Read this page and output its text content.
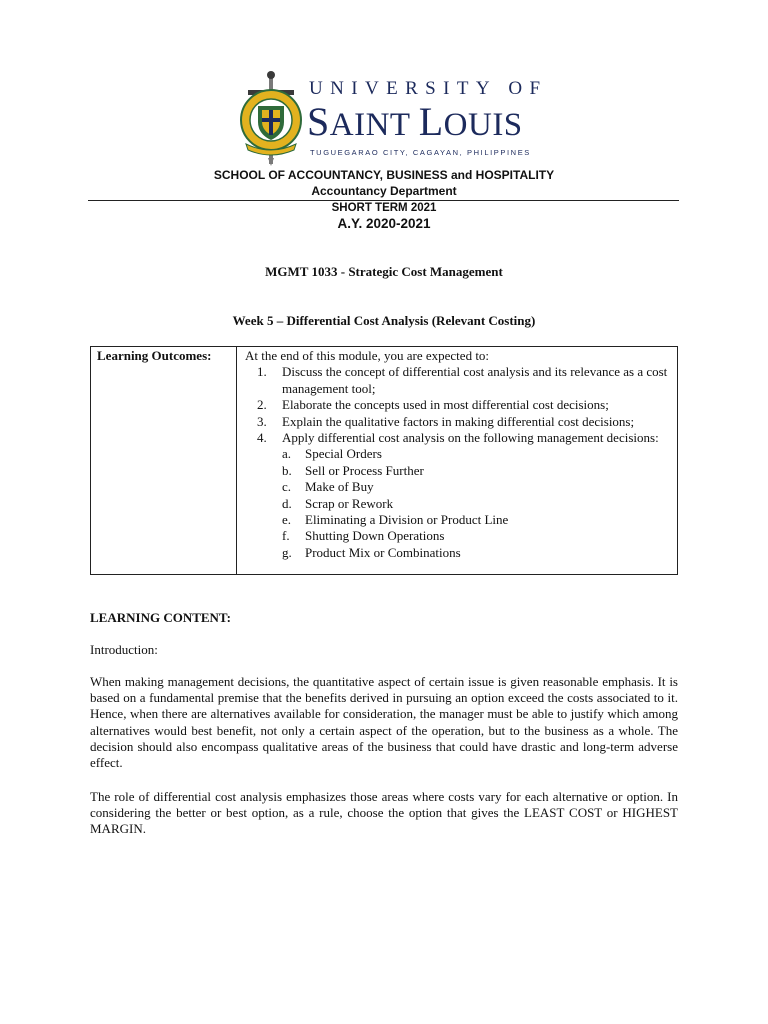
UNIVERSITY OF
SAINT LOUIS
TUGUEGARAO CITY, CAGAYAN, PHILIPPINES
SCHOOL OF ACCOUNTANCY, BUSINESS and HOSPITALITY
Accountancy Department
SHORT TERM 2021
A.Y. 2020-2021
MGMT 1033 - Strategic Cost Management
Week 5 – Differential Cost Analysis (Relevant Costing)
Learning Outcomes:	At the end of this module, you are expected to:
1. Discuss the concept of differential cost analysis and its relevance as a cost management tool;
2. Elaborate the concepts used in most differential cost decisions;
3. Explain the qualitative factors in making differential cost decisions;
4. Apply differential cost analysis on the following management decisions:
a. Special Orders
b. Sell or Process Further
c. Make of Buy
d. Scrap or Rework
e. Eliminating a Division or Product Line
f. Shutting Down Operations
g. Product Mix or Combinations
LEARNING CONTENT:
Introduction:
When making management decisions, the quantitative aspect of certain issue is given reasonable emphasis. It is based on a fundamental premise that the benefits derived in pursuing an option exceed the costs associated to it. Hence, when there are alternatives available for consideration, the manager must be able to justify which among alternatives would best benefit, not only a certain aspect of the operation, but to the business as a whole. The decision should also encompass qualitative areas of the business that could have drastic and long-term adverse effect.
The role of differential cost analysis emphasizes those areas where costs vary for each alternative or option. In considering the better or best option, as a rule, choose the option that gives the LEAST COST or HIGHEST MARGIN.
